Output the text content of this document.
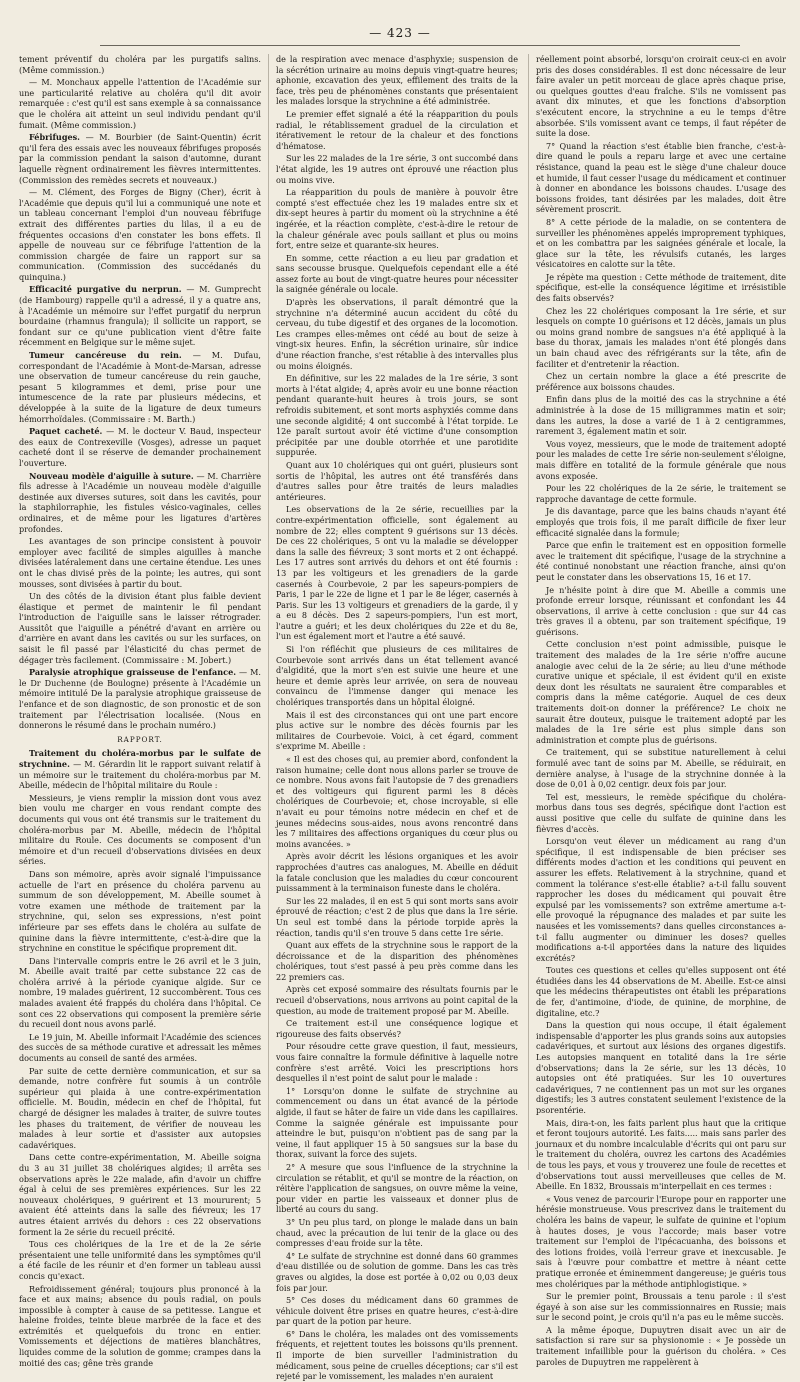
— 423 —

tement préventif du choléra par les purgatifs salins. (Même commission.)

— M. Monchaux appelle l'attention de l'Académie sur une particularité relative au choléra qu'il dit avoir remarquée : c'est qu'il est sans exemple à sa connaissance que le choléra ait atteint un seul individu pendant qu'il fumait. (Même commission.)

Fébrifuges. — M. Bourbier (de Saint-Quentin) écrit qu'il fera des essais avec les nouveaux fébrifuges proposés par la commission pendant la saison d'automne, durant laquelle règnent ordinairement les fièvres intermittentes. (Commission des remèdes secrets et nouveaux.)

— M. Clément, des Forges de Bigny (Cher), écrit à l'Académie que depuis qu'il lui a communiqué une note et un tableau concernant l'emploi d'un nouveau fébrifuge extrait des différentes parties du lilas, il a eu de fréquentes occasions d'en constater les bons effets. Il appelle de nouveau sur ce fébrifuge l'attention de la commission chargée de faire un rapport sur sa communication. (Commission des succédanés du quinquina.)

Efficacité purgative du nerprun. — M. Gumprecht (de Hambourg) rappelle qu'il a adressé, il y a quatre ans, à l'Académie un mémoire sur l'effet purgatif du nerprun bourdaine (rhamnus frangula); il sollicite un rapport, se fondant sur ce qu'une publication vient d'être faite récemment en Belgique sur le même sujet.

Tumeur cancéreuse du rein. — M. Dufau, correspondant de l'Académie à Mont-de-Marsan, adresse une observation de tumeur cancéreuse du rein gauche, pesant 5 kilogrammes et demi, prise pour une intumescence de la rate par plusieurs médecins, et développée à la suite de la ligature de deux tumeurs hémorrhoïdales. (Commissaire : M. Barth.)

Paquet cacheté. — M. le docteur V. Baud, inspecteur des eaux de Contrexeville (Vosges), adresse un paquet cacheté dont il se réserve de demander prochainement l'ouverture.

Nouveau modèle d'aiguille à suture. — M. Charrière fils adresse à l'Académie un nouveau modèle d'aiguille destinée aux diverses sutures, soit dans les cavités, pour la staphilorraphie, les fistules vésico-vaginales, celles ordinaires, et de même pour les ligatures d'artères profondes.

Les avantages de son principe consistent à pouvoir employer avec facilité de simples aiguilles à manche divisées latéralement dans une certaine étendue. Les unes ont le chas divisé près de la pointe; les autres, qui sont mousses, sont divisées à partir du bout.

Un des côtés de la division étant plus faible devient élastique et permet de maintenir le fil pendant l'introduction de l'aiguille sans le laisser rétrograder. Aussitôt que l'aiguille a pénétré d'avant en arrière ou d'arrière en avant dans les cavités ou sur les surfaces, on saisit le fil passé par l'élasticité du chas permet de dégager très facilement. (Commissaire : M. Jobert.)

Paralysie atrophique graisseuse de l'enfance. — M. le Dr Duchenne (de Boulogne) présente à l'Académie un mémoire intitulé De la paralysie atrophique graisseuse de l'enfance et de son diagnostic, de son pronostic et de son traitement par l'électrisation localisée. (Nous en donnerons le résumé dans le prochain numéro.)

RAPPORT.

Traitement du choléra-morbus par le sulfate de strychnine. — M. Gérardin lit le rapport suivant relatif à un mémoire sur le traitement du choléra-morbus par M. Abeille, médecin de l'hôpital militaire du Roule :

Messieurs, je viens remplir la mission dont vous avez bien voulu me charger en vous rendant compte des documents qui vous ont été transmis sur le traitement du choléra-morbus par M. Abeille, médecin de l'hôpital militaire du Roule. Ces documents se composent d'un mémoire et d'un recueil d'observations divisées en deux séries.

Dans son mémoire, après avoir signalé l'impuissance actuelle de l'art en présence du choléra parvenu au summum de son développement, M. Abeille soumet à votre examen une méthode de traitement par la strychnine, qui, selon ses expressions, n'est point inférieure par ses effets dans le choléra au sulfate de quinine dans la fièvre intermittente, c'est-à-dire que la strychnine en constitue le spécifique proprement dit.

Dans l'intervalle compris entre le 26 avril et le 3 juin, M. Abeille avait traité par cette substance 22 cas de choléra arrivé à la période cyanique algide. Sur ce nombre, 19 malades guérirent, 12 succombèrent. Tous ces malades avaient été frappés du choléra dans l'hôpital. Ce sont ces 22 observations qui composent la première série du recueil dont nous avons parlé.

Le 19 juin, M. Abeille informait l'Académie des sciences des succès de sa méthode curative et adressait les mêmes documents au conseil de santé des armées.

Par suite de cette dernière communication, et sur sa demande, notre confrère fut soumis à un contrôle supérieur qui plaida à une contre-expérimentation officielle. M. Boudin, médecin en chef de l'hôpital, fut chargé de désigner les malades à traiter, de suivre toutes les phases du traitement, de vérifier de nouveau les malades à leur sortie et d'assister aux autopsies cadavériques.

Dans cette contre-expérimentation, M. Abeille soigna du 3 au 31 juillet 38 cholériques algides; il arrêta ses observations après le 22e malade, afin d'avoir un chiffre égal à celui de ses premières expériences. Sur les 22 nouveaux cholériques, 9 guérirent et 13 moururent; 5 avaient été atteints dans la salle des fiévreux; les 17 autres étaient arrivés du dehors : ces 22 observations forment la 2e série du recueil précité.

Tous ces cholériques de la 1re et de la 2e série présentaient une telle uniformité dans les symptômes qu'il a été facile de les réunir et d'en former un tableau aussi concis qu'exact.

Refroidissement général; toujours plus prononcé à la face et aux mains; absence du pouls radial, on pouls impossible à compter à cause de sa petitesse. Langue et haleine froides, teinte bleue marbrée de la face et des extrémités et quelquefois du tronc en entier. Vomissements et déjections de matières blanchâtres, liquides comme de la solution de gomme; crampes dans la moitié des cas; gêne très grande

de la respiration avec menace d'asphyxie; suspension de la sécrétion urinaire au moins depuis vingt-quatre heures; aphonie, excavation des yeux, effilement des traits de la face, très peu de phénomènes constants que présentaient les malades lorsque la strychnine a été administrée.

Le premier effet signalé a été la réapparition du pouls radial, le rétablissement graduel de la circulation et itérativement le retour de la chaleur et des fonctions d'hématose.

Sur les 22 malades de la 1re série, 3 ont succombé dans l'état algide, les 19 autres ont éprouvé une réaction plus ou moins vive.

La réapparition du pouls de manière à pouvoir être compté s'est effectuée chez les 19 malades entre six et dix-sept heures à partir du moment où la strychnine a été ingérée, et la réaction complète, c'est-à-dire le retour de la chaleur générale avec pouls saillant et plus ou moins fort, entre seize et quarante-six heures.

En somme, cette réaction a eu lieu par gradation et sans secousse brusque. Quelquefois cependant elle a été assez forte au bout de vingt-quatre heures pour nécessiter la saignée générale ou locale.

D'après les observations, il paraît démontré que la strychnine n'a déterminé aucun accident du côté du cerveau, du tube digestif et des organes de la locomotion. Les crampes elles-mêmes ont cédé au bout de seize à vingt-six heures. Enfin, la sécrétion urinaire, sûr indice d'une réaction franche, s'est rétablie à des intervalles plus ou moins éloignés.

En définitive, sur les 22 malades de la 1re série, 3 sont morts à l'état algide; 4, après avoir eu une bonne réaction pendant quarante-huit heures à trois jours, se sont refroidis subitement, et sont morts asphyxiés comme dans une seconde algidité; 4 ont succombé à l'état torpide. Le 12e paraît surtout avoir été victime d'une consomption précipitée par une double otorrhée et une parotidite suppurée.

Quant aux 10 cholériques qui ont guéri, plusieurs sont sortis de l'hôpital, les autres ont été transférés dans d'autres salles pour être traités de leurs maladies antérieures.

Les observations de la 2e série, recueillies par la contre-expérimentation officielle, sont également au nombre de 22; elles comptent 9 guérisons sur 13 décès. De ces 22 cholériques, 5 ont vu la maladie se développer dans la salle des fiévreux; 3 sont morts et 2 ont échappé. Les 17 autres sont arrivés du dehors et ont été fournis : 13 par les voltigeurs et les grenadiers de la garde casernés à Courbevoie, 2 par les sapeurs-pompiers de Paris, 1 par le 22e de ligne et 1 par le 8e léger, casernés à Paris. Sur les 13 voltigeurs et grenadiers de la garde, il y a eu 8 décès. Des 2 sapeurs-pompiers, l'un est mort, l'autre a guéri; et les deux cholériques du 22e et du 8e, l'un est également mort et l'autre a été sauvé.

Si l'on réfléchit que plusieurs de ces militaires de Courbevoie sont arrivés dans un état tellement avancé d'algidité, que la mort s'en est suivie une heure et une heure et demie après leur arrivée, on sera de nouveau convaincu de l'immense danger qui menace les cholériques transportés dans un hôpital éloigné.

Mais il est des circonstances qui ont une part encore plus active sur le nombre des décès fournis par les militaires de Courbevoie. Voici, à cet égard, comment s'exprime M. Abeille :

« Il est des choses qui, au premier abord, confondent la raison humaine; celle dont nous allons parler se trouve de ce nombre. Nous avons fait l'autopsie de 7 des grenadiers et des voltigeurs qui figurent parmi les 8 décès cholériques de Courbevoie; et, chose incroyable, si elle n'avait eu pour témoins notre médecin en chef et de jeunes médecins sous-aides, nous avons rencontré dans les 7 militaires des affections organiques du cœur plus ou moins avancées. »

Après avoir décrit les lésions organiques et les avoir rapprochées d'autres cas analogues, M. Abeille en déduit la fatale conclusion que les maladies du cœur concourent puissamment à la terminaison funeste dans le choléra.

Sur les 22 malades, il en est 5 qui sont morts sans avoir éprouvé de réaction; c'est 2 de plus que dans la 1re série. Un seul est tombé dans la période torpide après la réaction, tandis qu'il s'en trouve 5 dans cette 1re série.

Quant aux effets de la strychnine sous le rapport de la décroissance et de la disparition des phénomènes cholériques, tout s'est passé à peu près comme dans les 22 premiers cas.

Après cet exposé sommaire des résultats fournis par le recueil d'observations, nous arrivons au point capital de la question, au mode de traitement proposé par M. Abeille.

Ce traitement est-il une conséquence logique et rigoureuse des faits observés?

Pour résoudre cette grave question, il faut, messieurs, vous faire connaître la formule définitive à laquelle notre confrère s'est arrêté. Voici les prescriptions hors desquelles il n'est point de salut pour le malade :

1° Lorsqu'on donne le sulfate de strychnine au commencement ou dans un état avancé de la période algide, il faut se hâter de faire un vide dans les capillaires. Comme la saignée générale est impuissante pour atteindre le but, puisqu'on n'obtient pas de sang par la veine, il faut appliquer 15 à 50 sangsues sur la base du thorax, suivant la force des sujets.

2° A mesure que sous l'influence de la strychnine la circulation se rétablit, et qu'il se montre de la réaction, on réitère l'application de sangsues, on ouvre même la veine, pour vider en partie les vaisseaux et donner plus de liberté au cours du sang.

3° Un peu plus tard, on plonge le malade dans un bain chaud, avec la précaution de lui tenir de la glace ou des compresses d'eau froide sur la tête.

4° Le sulfate de strychnine est donné dans 60 grammes d'eau distillée ou de solution de gomme. Dans les cas très graves ou algides, la dose est portée à 0,02 ou 0,03 deux fois par jour.

5° Ces doses du médicament dans 60 grammes de véhicule doivent être prises en quatre heures, c'est-à-dire par quart de la potion par heure.

6° Dans le choléra, les malades ont des vomissements fréquents, et rejettent toutes les boissons qu'ils prennent. Il importe de bien surveiller l'administration du médicament, sous peine de cruelles déceptions; car s'il est rejeté par le vomissement, les malades n'en auraient

réellement point absorbé, lorsqu'on croirait ceux-ci en avoir pris des doses considérables. Il est donc nécessaire de leur faire avaler un petit morceau de glace après chaque prise, ou quelques gouttes d'eau fraîche. S'ils ne vomissent pas avant dix minutes, et que les fonctions d'absorption s'exécutent encore, la strychnine a eu le temps d'être absorbée. S'ils vomissent avant ce temps, il faut répéter de suite la dose.

7° Quand la réaction s'est établie bien franche, c'est-à-dire quand le pouls a reparu large et avec une certaine résistance, quand la peau est le siège d'une chaleur douce et humide, il faut cesser l'usage du médicament et continuer à donner en abondance les boissons chaudes. L'usage des boissons froides, tant désirées par les malades, doit être sévèrement proscrit.

8° A cette période de la maladie, on se contentera de surveiller les phénomènes appelés improprement typhiques, et on les combattra par les saignées générale et locale, la glace sur la tête, les révulsifs cutanés, les larges vésicatoires en calotte sur la tête.

Je répète ma question : Cette méthode de traitement, dite spécifique, est-elle la conséquence légitime et irrésistible des faits observés?

Chez les 22 cholériques composant la 1re série, et sur lesquels on compte 10 guérisons et 12 décès, jamais un plus ou moins grand nombre de sangsues n'a été appliqué à la base du thorax, jamais les malades n'ont été plongés dans un bain chaud avec des réfrigérants sur la tête, afin de faciliter et d'entretenir la réaction.

Chez un certain nombre la glace a été prescrite de préférence aux boissons chaudes.

Enfin dans plus de la moitié des cas la strychnine a été administrée à la dose de 15 milligrammes matin et soir; dans les autres, la dose a varié de 1 à 2 centigrammes, rarement 3, également matin et soir.

Vous voyez, messieurs, que le mode de traitement adopté pour les malades de cette 1re série non-seulement s'éloigne, mais diffère en totalité de la formule générale que nous avons exposée.

Pour les 22 cholériques de la 2e série, le traitement se rapproche davantage de cette formule.

Je dis davantage, parce que les bains chauds n'ayant été employés que trois fois, il me paraît difficile de fixer leur efficacité signalée dans la formule;

Parce que enfin le traitement est en opposition formelle avec le traitement dit spécifique, l'usage de la strychnine a été continué nonobstant une réaction franche, ainsi qu'on peut le constater dans les observations 15, 16 et 17.

Je n'hésite point à dire que M. Abeille a commis une profonde erreur lorsque, réunissant et confondant les 44 observations, il arrive à cette conclusion : que sur 44 cas très graves il a obtenu, par son traitement spécifique, 19 guérisons.

Cette conclusion n'est point admissible, puisque le traitement des malades de la 1re série n'offre aucune analogie avec celui de la 2e série; au lieu d'une méthode curative unique et spéciale, il est évident qu'il en existe deux dont les résultats ne sauraient être comparables et compris dans la même catégorie. Auquel de ces deux traitements doit-on donner la préférence? Le choix ne saurait être douteux, puisque le traitement adopté par les malades de la 1re série est plus simple dans son administration et compte plus de guérisons.

Ce traitement, qui se substitue naturellement à celui formulé avec tant de soins par M. Abeille, se réduirait, en dernière analyse, à l'usage de la strychnine donnée à la dose de 0,01 à 0,02 centigr. deux fois par jour.

Tel est, messieurs, le remède spécifique du choléra-morbus dans tous ses degrés, spécifique dont l'action est aussi positive que celle du sulfate de quinine dans les fièvres d'accès.

Lorsqu'on veut élever un médicament au rang d'un spécifique, il est indispensable de bien préciser ses différents modes d'action et les conditions qui peuvent en assurer les effets. Relativement à la strychnine, quand et comment la tolérance s'est-elle établie? a-t-il fallu souvent rapprocher les doses du médicament qui pouvait être expulsé par les vomissements? son extrême amertume a-t-elle provoqué la répugnance des malades et par suite les nausées et les vomissements? dans quelles circonstances a-t-il fallu augmenter ou diminuer les doses? quelles modifications a-t-il apportées dans la nature des liquides excrétés?

Toutes ces questions et celles qu'elles supposent ont été étudiées dans les 44 observations de M. Abeille. Est-ce ainsi que les médecins thérapeutistes ont établi les préparations de fer, d'antimoine, d'iode, de quinine, de morphine, de digitaline, etc.?

Dans la question qui nous occupe, il était également indispensable d'apporter les plus grands soins aux autopsies cadavériques, et surtout aux lésions des organes digestifs. Les autopsies manquent en totalité dans la 1re série d'observations; dans la 2e série, sur les 13 décès, 10 autopsies ont été pratiquées. Sur les 10 ouvertures cadavériques, 7 ne contiennent pas un mot sur les organes digestifs; les 3 autres constatent seulement l'existence de la psorentérie.

Mais, dira-t-on, les faits parlent plus haut que la critique et feront toujours autorité. Les faits..... mais sans parler des journaux et du nombre incalculable d'écrits qui ont paru sur le traitement du choléra, ouvrez les cartons des Académies de tous les pays, et vous y trouverez une foule de recettes et d'observations tout aussi merveilleuses que celles de M. Abeille. En 1832, Broussais m'interpellait en ces termes :

« Vous venez de parcourir l'Europe pour en rapporter une hérésie monstrueuse. Vous prescrivez dans le traitement du choléra les bains de vapeur, le sulfate de quinine et l'opium à hautes doses, je vous l'accorde; mais baser votre traitement sur l'emploi de l'ipécacuanha, des boissons et des lotions froides, voilà l'erreur grave et inexcusable. Je sais à l'œuvre pour combattre et mettre à néant cette pratique erronée et éminemment dangereuse; je guéris tous mes cholériques par la méthode antiphlogistique. »

Sur le premier point, Broussais a tenu parole : il s'est égayé à son aise sur les commissionnaires en Russie; mais sur le second point, je crois qu'il n'a pas eu le même succès.

A la même époque, Dupuytren disait avec un air de satisfaction si rare sur sa physionomie : « Je possède un traitement infaillible pour la guérison du choléra. » Ces paroles de Dupuytren me rappelèrent à
